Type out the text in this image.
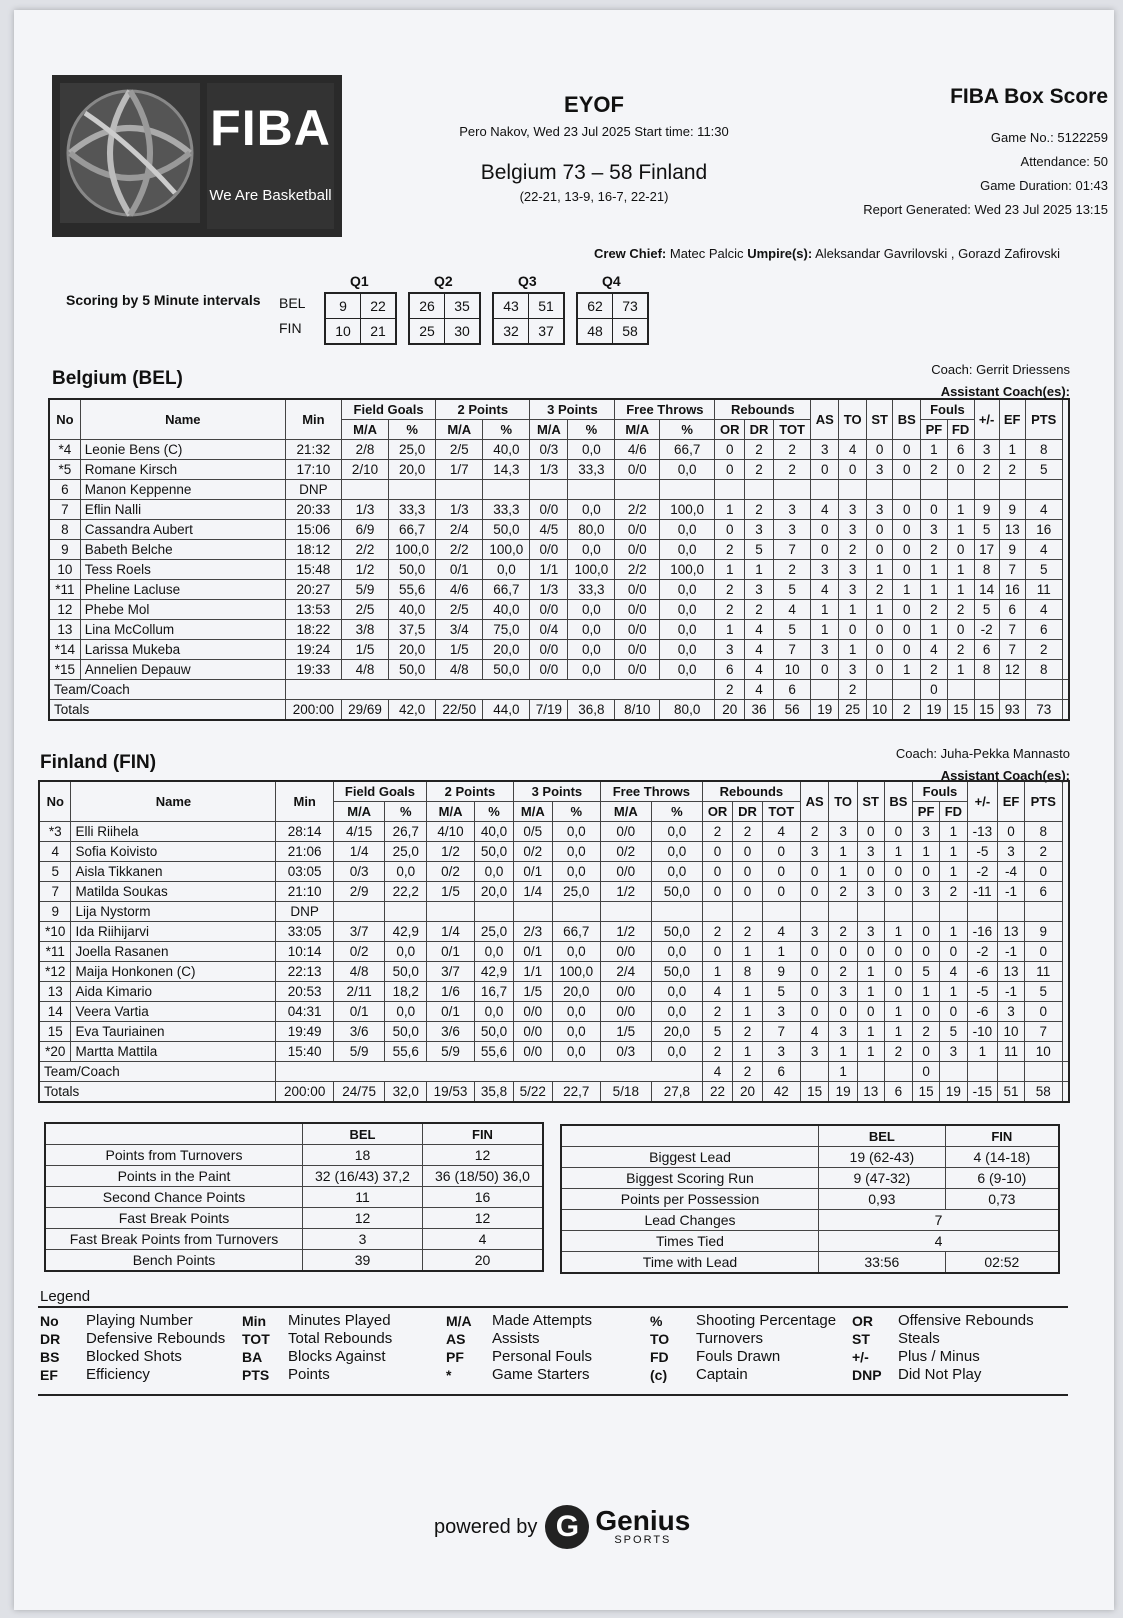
FIBA
We Are Basketball
EYOF
Pero Nakov, Wed 23 Jul 2025 Start time: 11:30
Belgium 73 – 58 Finland
(22-21, 13-9, 16-7, 22-21)
FIBA Box Score
Game No.: 5122259
Attendance: 50
Game Duration: 01:43
Report Generated: Wed 23 Jul 2025 13:15
Crew Chief: Matec Palcic Umpire(s): Aleksandar Gavrilovski , Gorazd Zafirovski
Scoring by 5 Minute intervals BEL
FIN
Q1
9	22
10	21
Q2
26	35
25	30
Q3
43	51
32	37
Q4
62	73
48	58
Belgium (BEL)	Coach: Gerrit Driessens
Assistant Coach(es):
No	Name	Min	Field Goals		2 Points		3 Points		Free Throws		Rebounds			AS	TO	ST	BS	Fouls		+/-	EF	PTS	
			M/A	%	M/A	%	M/A	%	M/A	%	OR	DR	TOT					PF	FD				
*4	Leonie Bens (C)	21:32	2/8	25,0	2/5	40,0	0/3	0,0	4/6	66,7	0	2	2	3	4	0	0	1	6	3	1	8	
*5	Romane Kirsch	17:10	2/10	20,0	1/7	14,3	1/3	33,3	0/0	0,0	0	2	2	0	0	3	0	2	0	2	2	5	
6	Manon Keppenne	DNP																					
7	Eflin Nalli	20:33	1/3	33,3	1/3	33,3	0/0	0,0	2/2	100,0	1	2	3	4	3	3	0	0	1	9	9	4	
8	Cassandra Aubert	15:06	6/9	66,7	2/4	50,0	4/5	80,0	0/0	0,0	0	3	3	0	3	0	0	3	1	5	13	16	
9	Babeth Belche	18:12	2/2	100,0	2/2	100,0	0/0	0,0	0/0	0,0	2	5	7	0	2	0	0	2	0	17	9	4	
10	Tess Roels	15:48	1/2	50,0	0/1	0,0	1/1	100,0	2/2	100,0	1	1	2	3	3	1	0	1	1	8	7	5	
*11	Pheline Lacluse	20:27	5/9	55,6	4/6	66,7	1/3	33,3	0/0	0,0	2	3	5	4	3	2	1	1	1	14	16	11	
12	Phebe Mol	13:53	2/5	40,0	2/5	40,0	0/0	0,0	0/0	0,0	2	2	4	1	1	1	0	2	2	5	6	4	
13	Lina McCollum	18:22	3/8	37,5	3/4	75,0	0/4	0,0	0/0	0,0	1	4	5	1	0	0	0	1	0	-2	7	6	
*14	Larissa Mukeba	19:24	1/5	20,0	1/5	20,0	0/0	0,0	0/0	0,0	3	4	7	3	1	0	0	4	2	6	7	2	
*15	Annelien Depauw	19:33	4/8	50,0	4/8	50,0	0/0	0,0	0/0	0,0	6	4	10	0	3	0	1	2	1	8	12	8	
Team/Coach											2	4	6		2			0					
Totals		200:00	29/69	42,0	22/50	44,0	7/19	36,8	8/10	80,0	20	36	56	19	25	10	2	19	15	15	93	73	
Finland (FIN)	Coach: Juha-Pekka Mannasto
Assistant Coach(es):
No	Name	Min	Field Goals		2 Points		3 Points		Free Throws		Rebounds			AS	TO	ST	BS	Fouls		+/-	EF	PTS	
			M/A	%	M/A	%	M/A	%	M/A	%	OR	DR	TOT					PF	FD				
*3	Elli Riihela	28:14	4/15	26,7	4/10	40,0	0/5	0,0	0/0	0,0	2	2	4	2	3	0	0	3	1	-13	0	8	
4	Sofia Koivisto	21:06	1/4	25,0	1/2	50,0	0/2	0,0	0/2	0,0	0	0	0	3	1	3	1	1	1	-5	3	2	
5	Aisla Tikkanen	03:05	0/3	0,0	0/2	0,0	0/1	0,0	0/0	0,0	0	0	0	0	1	0	0	0	1	-2	-4	0	
7	Matilda Soukas	21:10	2/9	22,2	1/5	20,0	1/4	25,0	1/2	50,0	0	0	0	0	2	3	0	3	2	-11	-1	6	
9	Lija Nystorm	DNP																					
*10	Ida Riihijarvi	33:05	3/7	42,9	1/4	25,0	2/3	66,7	1/2	50,0	2	2	4	3	2	3	1	0	1	-16	13	9	
*11	Joella Rasanen	10:14	0/2	0,0	0/1	0,0	0/1	0,0	0/0	0,0	0	1	1	0	0	0	0	0	0	-2	-1	0	
*12	Maija Honkonen (C)	22:13	4/8	50,0	3/7	42,9	1/1	100,0	2/4	50,0	1	8	9	0	2	1	0	5	4	-6	13	11	
13	Aida Kimario	20:53	2/11	18,2	1/6	16,7	1/5	20,0	0/0	0,0	4	1	5	0	3	1	0	1	1	-5	-1	5	
14	Veera Vartia	04:31	0/1	0,0	0/1	0,0	0/0	0,0	0/0	0,0	2	1	3	0	0	0	1	0	0	-6	3	0	
15	Eva Tauriainen	19:49	3/6	50,0	3/6	50,0	0/0	0,0	1/5	20,0	5	2	7	4	3	1	1	2	5	-10	10	7	
*20	Martta Mattila	15:40	5/9	55,6	5/9	55,6	0/0	0,0	0/3	0,0	2	1	3	3	1	1	2	0	3	1	11	10	
Team/Coach											4	2	6		1			0					
Totals		200:00	24/75	32,0	19/53	35,8	5/22	22,7	5/18	27,8	22	20	42	15	19	13	6	15	19	-15	51	58	
	BEL	FIN
Points from Turnovers	18	12
Points in the Paint	32 (16/43) 37,2	36 (18/50) 36,0
Second Chance Points	11	16
Fast Break Points	12	12
Fast Break Points from Turnovers	3	4
Bench Points	39	20
	BEL	FIN
Biggest Lead	19 (62-43)	4 (14-18)
Biggest Scoring Run	9 (47-32)	6 (9-10)
Points per Possession	0,93	0,73
Lead Changes	7	
Times Tied	4	
Time with Lead	33:56	02:52
Legend
No Playing Number
DR Defensive Rebounds
BS Blocked Shots
EF Efficiency
Min Minutes Played
TOT Total Rebounds
BA Blocks Against
PTS Points
M/A Made Attempts
AS Assists
PF Personal Fouls
*	Game Starters
% Shooting Percentage
TO Turnovers
FD Fouls Drawn
(c) Captain
OR Offensive Rebounds
ST Steals
+/- Plus / Minus
DNP Did Not Play
powered by G Genius
SPORTS
